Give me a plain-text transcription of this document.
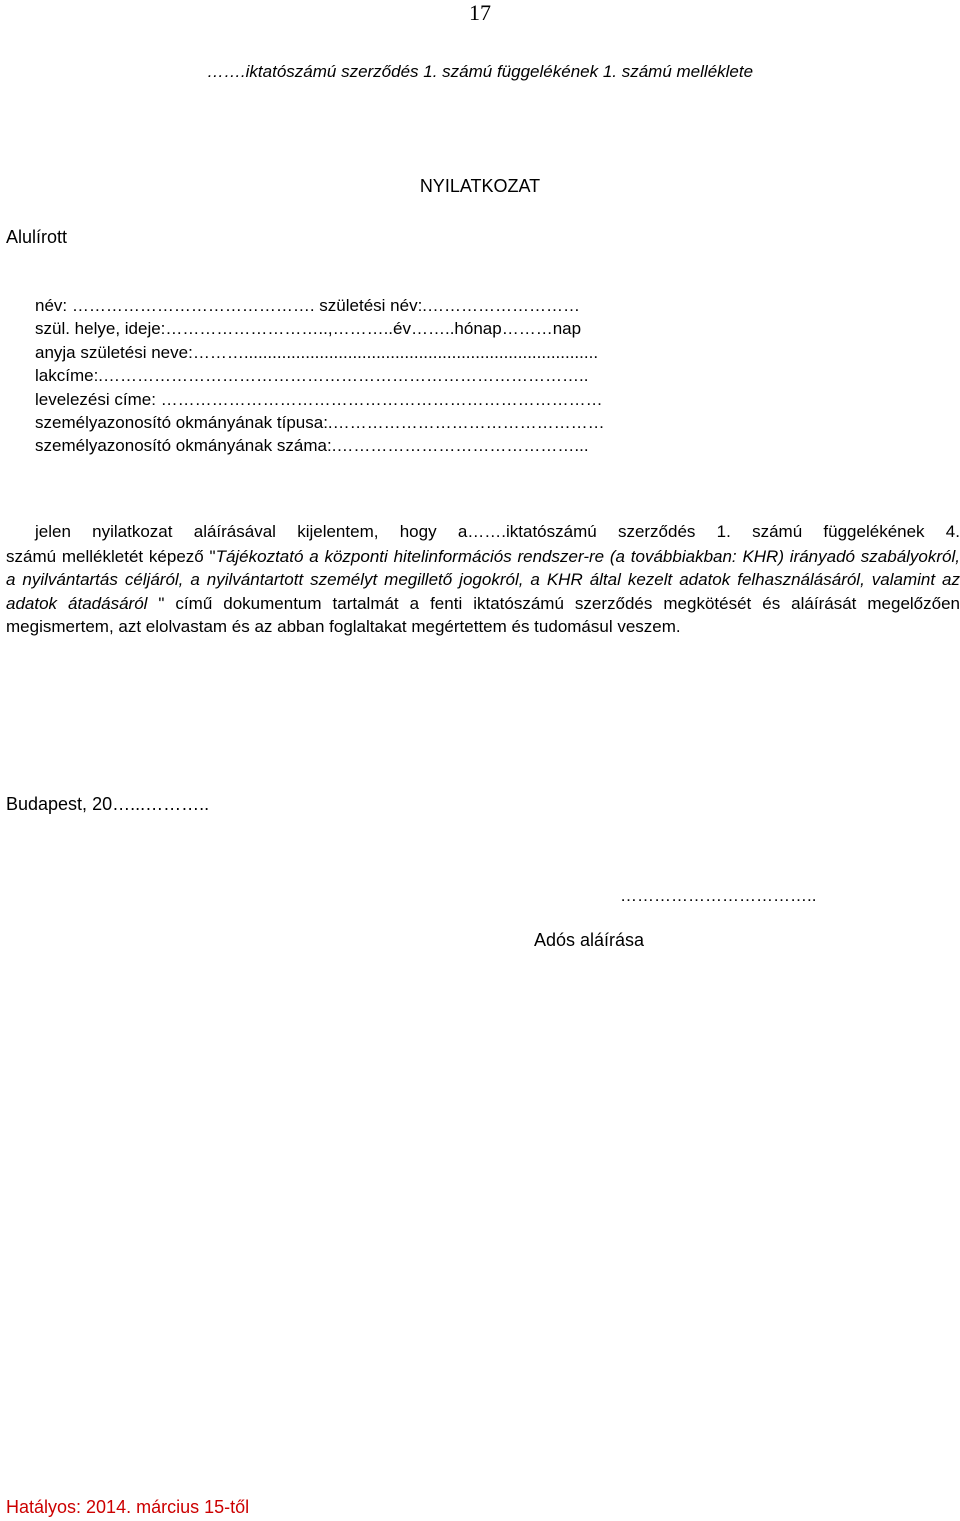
17
…….iktatószámú szerződés 1. számú függelékének 1. számú melléklete
NYILATKOZAT
Alulírott
név: ……………………………………. születési név:.………………………
szül. helye, ideje:………………………..,………..év……..hónap………nap
anyja születési neve:………...........................................................................
lakcíme:.…………………………………………………………………………..
levelezési címe: ……………………………………………………………………
személyazonosító okmányának típusa:.…………………………………………
személyazonosító okmányának száma:.……………………………………...
jelen nyilatkozat aláírásával kijelentem, hogy a…….iktatószámú szerződés 1. számú függelékének 4.
számú mellékletét képező "Tájékoztató a központi hitelinformációs rendszer-re (a továbbiakban: KHR) irányadó szabályokról, a nyilvántartás céljáról, a nyilvántartott személyt megillető jogokról, a KHR által kezelt adatok felhasználásáról, valamint az adatok átadásáról " című dokumentum tartalmát a fenti iktatószámú szerződés megkötését és aláírását megelőzően megismertem, azt elolvastam és az abban foglaltakat megértettem és tudomásul veszem.
Budapest, 20…...………..
……………………………..
Adós aláírása
Hatályos: 2014. március 15-től
